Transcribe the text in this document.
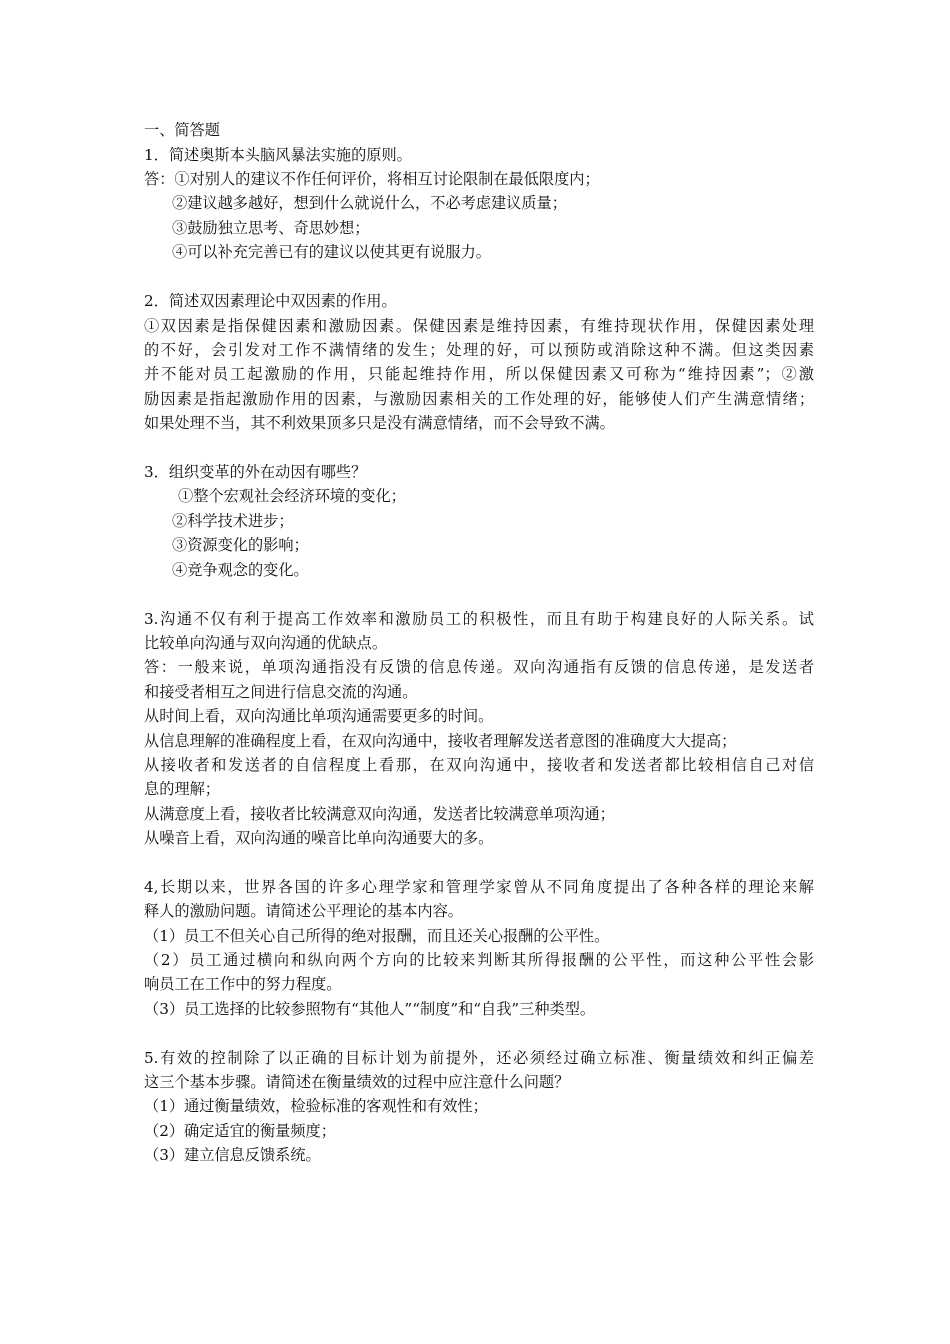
一、简答题
1．简述奥斯本头脑风暴法实施的原则。
答：①对别人的建议不作任何评价，将相互讨论限制在最低限度内；
②建议越多越好，想到什么就说什么，不必考虑建议质量；
③鼓励独立思考、奇思妙想；
④可以补充完善已有的建议以使其更有说服力。
2．简述双因素理论中双因素的作用。
①双因素是指保健因素和激励因素。保健因素是维持因素，有维持现状作用，保健因素处理
的不好，会引发对工作不满情绪的发生；处理的好，可以预防或消除这种不满。但这类因素
并不能对员工起激励的作用，只能起维持作用，所以保健因素又可称为“维持因素”；②激
励因素是指起激励作用的因素，与激励因素相关的工作处理的好，能够使人们产生满意情绪；
如果处理不当，其不利效果顶多只是没有满意情绪，而不会导致不满。
3．组织变革的外在动因有哪些？
①整个宏观社会经济环境的变化；
②科学技术进步；
③资源变化的影响；
④竞争观念的变化。
3.沟通不仅有利于提高工作效率和激励员工的积极性，而且有助于构建良好的人际关系。试
比较单向沟通与双向沟通的优缺点。
答：一般来说，单项沟通指没有反馈的信息传递。双向沟通指有反馈的信息传递，是发送者
和接受者相互之间进行信息交流的沟通。
从时间上看，双向沟通比单项沟通需要更多的时间。
从信息理解的准确程度上看，在双向沟通中，接收者理解发送者意图的准确度大大提高；
从接收者和发送者的自信程度上看那，在双向沟通中，接收者和发送者都比较相信自己对信
息的理解；
从满意度上看，接收者比较满意双向沟通，发送者比较满意单项沟通；
从噪音上看，双向沟通的噪音比单向沟通要大的多。
4,长期以来，世界各国的许多心理学家和管理学家曾从不同角度提出了各种各样的理论来解
释人的激励问题。请简述公平理论的基本内容。
（1）员工不但关心自己所得的绝对报酬，而且还关心报酬的公平性。
（2）员工通过横向和纵向两个方向的比较来判断其所得报酬的公平性，而这种公平性会影
响员工在工作中的努力程度。
（3）员工选择的比较参照物有“其他人”“制度”和“自我”三种类型。
5.有效的控制除了以正确的目标计划为前提外，还必须经过确立标准、衡量绩效和纠正偏差
这三个基本步骤。请简述在衡量绩效的过程中应注意什么问题？
（1）通过衡量绩效，检验标准的客观性和有效性；
（2）确定适宜的衡量频度；
（3）建立信息反馈系统。
